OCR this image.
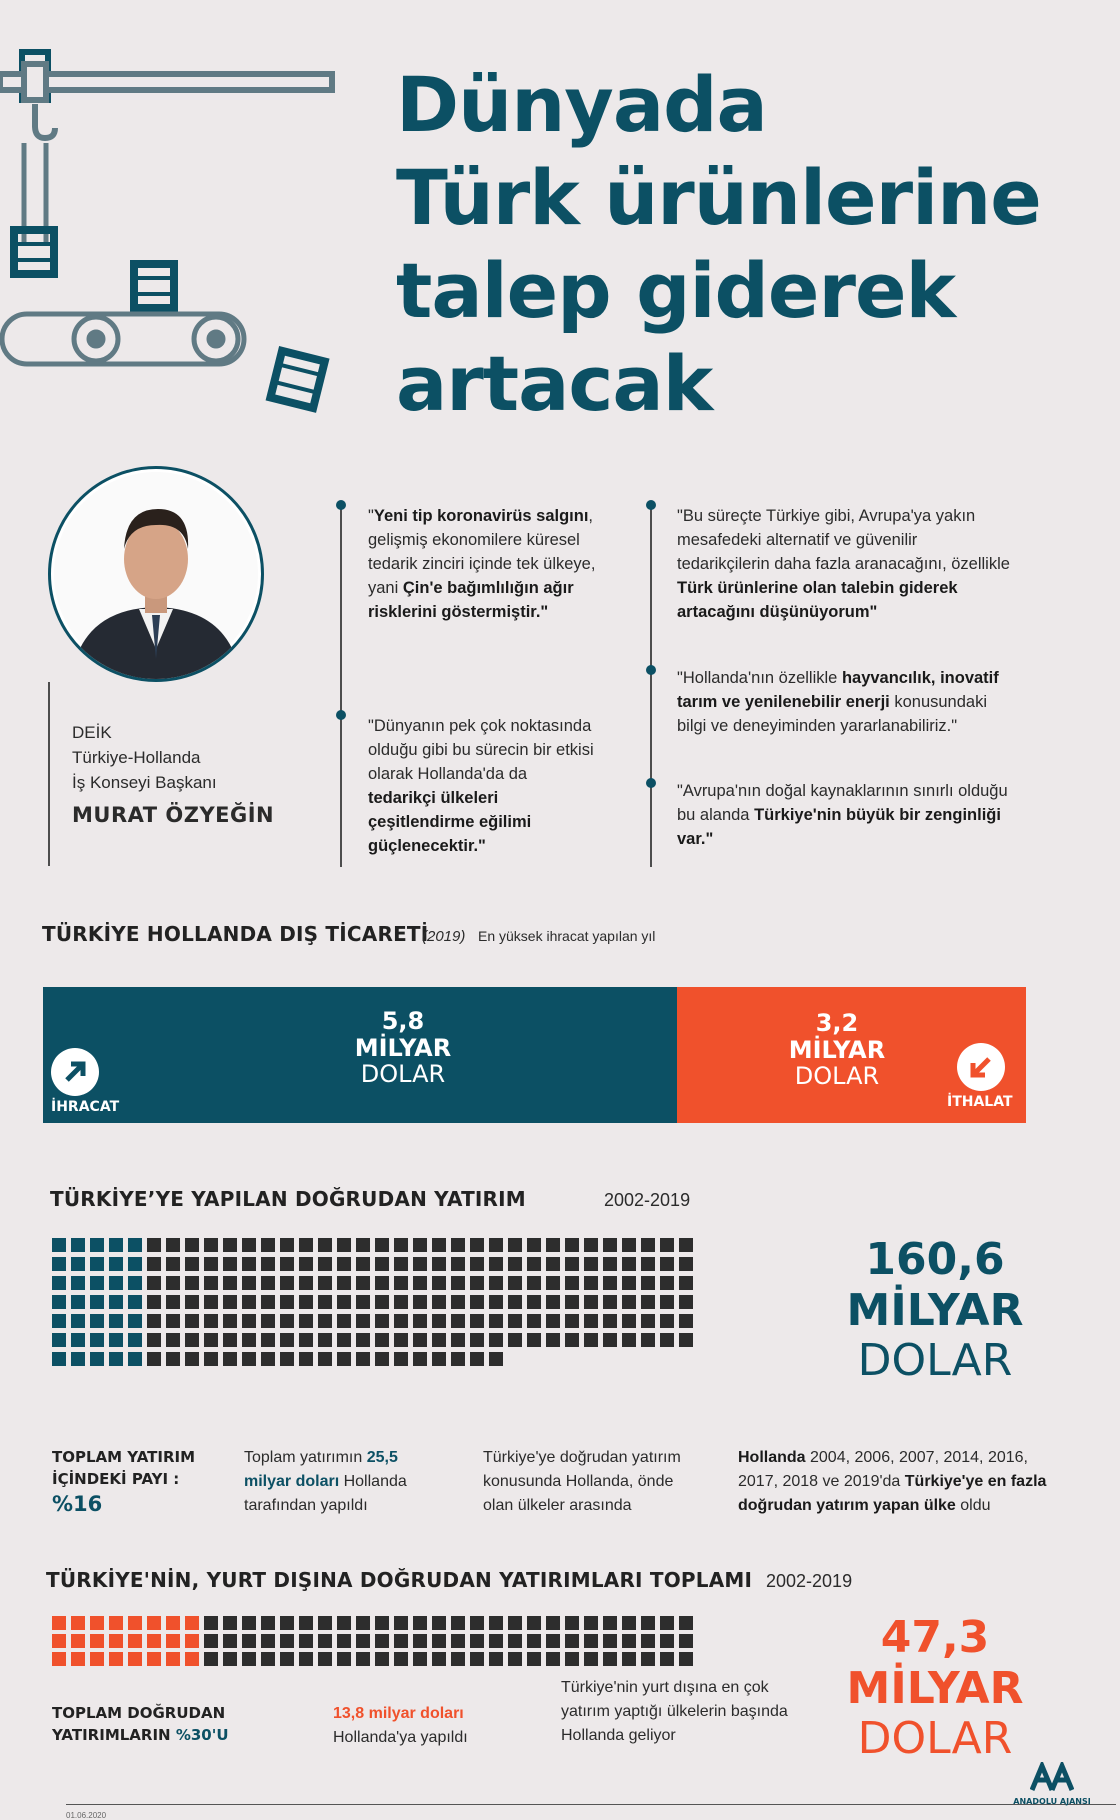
Dünyada
Türk ürünlerine
talep giderek
artacak
DEİK
Türkiye-Hollanda
İş Konseyi Başkanı
MURAT ÖZYEĞİN
"Yeni tip koronavirüs salgını, gelişmiş ekonomilere küresel tedarik zinciri içinde tek ülkeye, yani Çin'e bağımlılığın ağır risklerini göstermiştir."
"Dünyanın pek çok noktasında olduğu gibi bu sürecin bir etkisi olarak Hollanda'da da tedarikçi ülkeleri çeşitlendirme eğilimi güçlenecektir."
"Bu süreçte Türkiye gibi, Avrupa'ya yakın mesafedeki alternatif ve güvenilir tedarikçilerin daha fazla aranacağını, özellikle Türk ürünlerine olan talebin giderek artacağını düşünüyorum"
"Hollanda'nın özellikle hayvancılık, inovatif tarım ve yenilenebilir enerji konusundaki bilgi ve deneyiminden yararlanabiliriz."
"Avrupa'nın doğal kaynaklarının sınırlı olduğu bu alanda Türkiye'nin büyük bir zenginliği var."
TÜRKİYE HOLLANDA DIŞ TİCARETİ
(2019) En yüksek ihracat yapılan yıl
5,8
MİLYAR
DOLAR
İHRACAT
3,2
MİLYAR
DOLAR
İTHALAT
TÜRKİYE’YE YAPILAN DOĞRUDAN YATIRIM	2002-2019
160,6
MİLYAR
DOLAR
TOPLAM YATIRIM İÇİNDEKİ PAYI :
%16
Toplam yatırımın 25,5 milyar doları Hollanda tarafından yapıldı
Türkiye'ye doğrudan yatırım konusunda Hollanda, önde olan ülkeler arasında
Hollanda 2004, 2006, 2007, 2014, 2016, 2017, 2018 ve 2019'da Türkiye'ye en fazla doğrudan yatırım yapan ülke oldu
TÜRKİYE'NİN, YURT DIŞINA DOĞRUDAN YATIRIMLARI TOPLAMI 2002-2019
47,3
MİLYAR
DOLAR
TOPLAM DOĞRUDAN
YATIRIMLARIN %30'U
13,8 milyar doları
Hollanda'ya yapıldı
Türkiye'nin yurt dışına en çok yatırım yaptığı ülkelerin başında Hollanda geliyor
01.06.2020
ANADOLU AJANSI
